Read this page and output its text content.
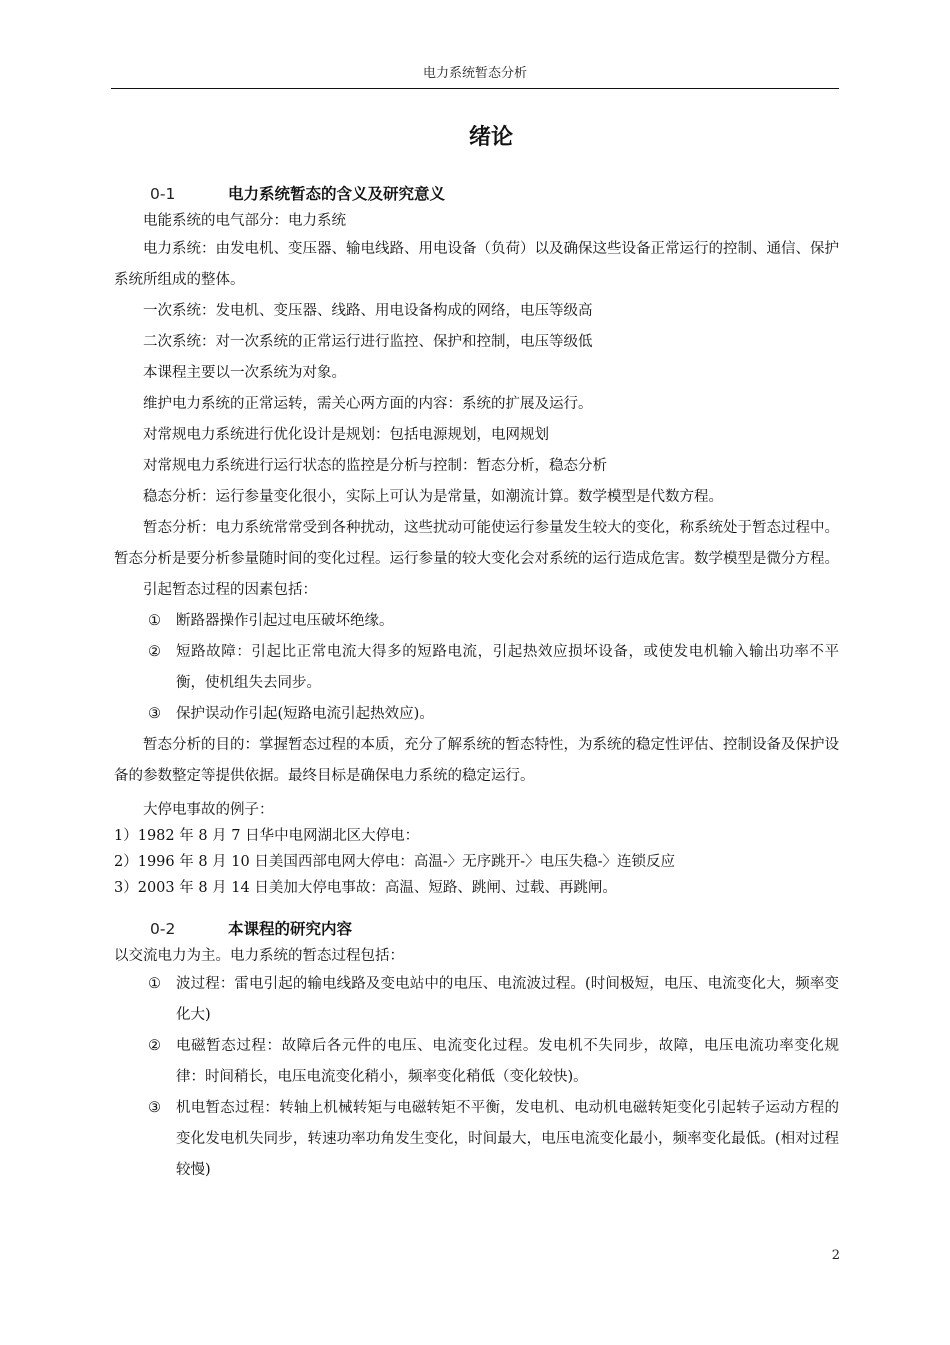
电力系统暂态分析
绪论
0-1	电力系统暂态的含义及研究意义

电能系统的电气部分：电力系统

电力系统：由发电机、变压器、输电线路、用电设备（负荷）以及确保这些设备正常运行的控制、通信、保护系统所组成的整体。

一次系统：发电机、变压器、线路、用电设备构成的网络，电压等级高

二次系统：对一次系统的正常运行进行监控、保护和控制，电压等级低

本课程主要以一次系统为对象。

维护电力系统的正常运转，需关心两方面的内容：系统的扩展及运行。

对常规电力系统进行优化设计是规划：包括电源规划，电网规划

对常规电力系统进行运行状态的监控是分析与控制：暂态分析，稳态分析

稳态分析：运行参量变化很小，实际上可认为是常量，如潮流计算。数学模型是代数方程。

暂态分析：电力系统常常受到各种扰动，这些扰动可能使运行参量发生较大的变化，称系统处于暂态过程中。暂态分析是要分析参量随时间的变化过程。运行参量的较大变化会对系统的运行造成危害。数学模型是微分方程。

引起暂态过程的因素包括：

① 断路器操作引起过电压破坏绝缘。
② 短路故障：引起比正常电流大得多的短路电流，引起热效应损坏设备，或使发电机输入输出功率不平衡，使机组失去同步。
③ 保护误动作引起(短路电流引起热效应)。

暂态分析的目的：掌握暂态过程的本质，充分了解系统的暂态特性，为系统的稳定性评估、控制设备及保护设备的参数整定等提供依据。最终目标是确保电力系统的稳定运行。

大停电事故的例子：

1）1982 年 8 月 7 日华中电网湖北区大停电：

2）1996 年 8 月 10 日美国西部电网大停电：高温-〉无序跳开-〉电压失稳-〉连锁反应

3）2003 年 8 月 14 日美加大停电事故：高温、短路、跳闸、过载、再跳闸。

0-2	本课程的研究内容

以交流电力为主。电力系统的暂态过程包括：

① 波过程：雷电引起的输电线路及变电站中的电压、电流波过程。(时间极短，电压、电流变化大，频率变化大)
② 电磁暂态过程：故障后各元件的电压、电流变化过程。发电机不失同步，故障，电压电流功率变化规律：时间稍长，电压电流变化稍小，频率变化稍低（变化较快)。
③ 机电暂态过程：转轴上机械转矩与电磁转矩不平衡，发电机、电动机电磁转矩变化引起转子运动方程的变化发电机失同步，转速功率功角发生变化，时间最大，电压电流变化最小，频率变化最低。(相对过程较慢)
2
